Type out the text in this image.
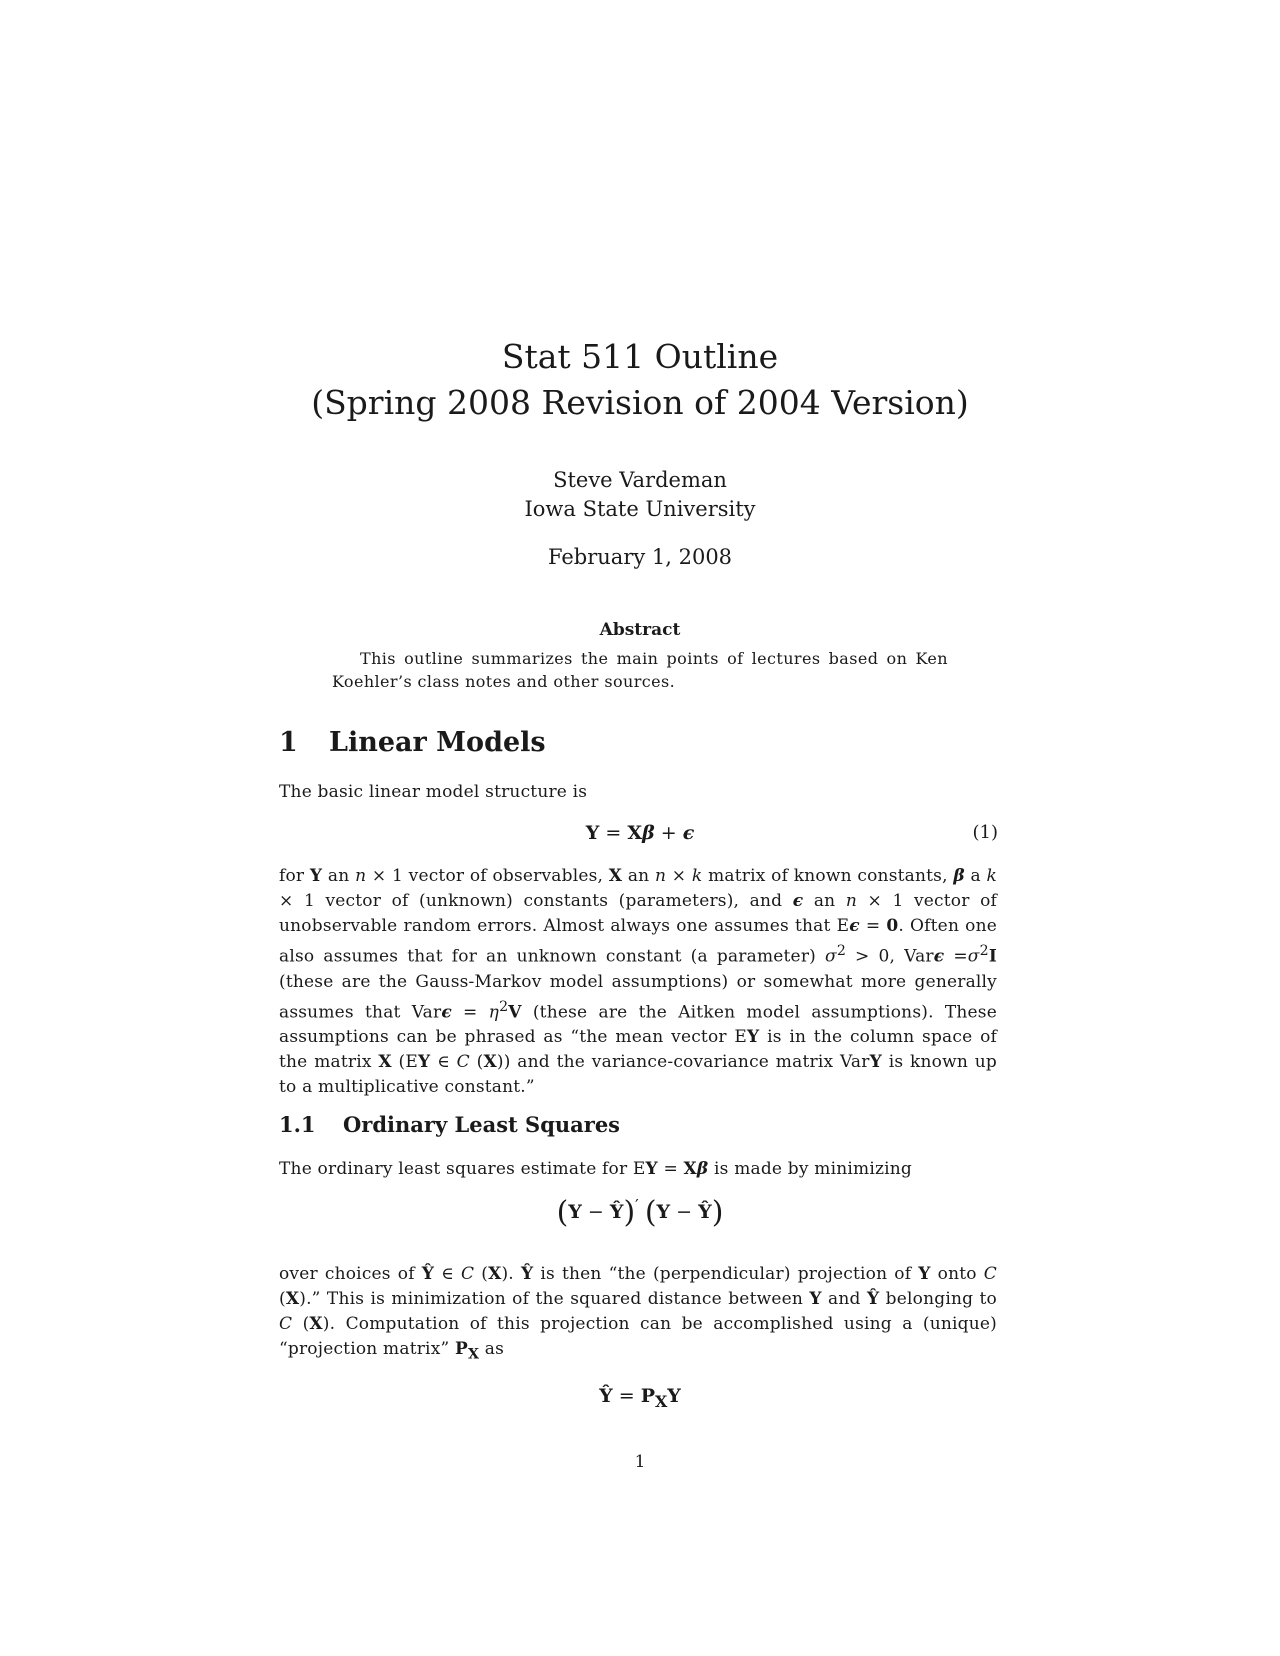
Stat 511 Outline
(Spring 2008 Revision of 2004 Version)
Steve Vardeman
Iowa State University
February 1, 2008
Abstract

This outline summarizes the main points of lectures based on Ken Koehler’s class notes and other sources.

1 Linear Models

The basic linear model structure is

Y = Xβ + ϵ	(1)

for Y an n × 1 vector of observables, X an n × k matrix of known constants, β a k × 1 vector of (unknown) constants (parameters), and ϵ an n × 1 vector of unobservable random errors. Almost always one assumes that Eϵ = 0. Often one also assumes that for an unknown constant (a parameter) $\sigma^2 > 0$, $Var\epsilon =\sigma^2I$ (these are the Gauss-Markov model assumptions) or somewhat more generally assumes that $Var\epsilon = \eta^2V$ (these are the Aitken model assumptions). These assumptions can be phrased as “the mean vector EY is in the column space of the matrix X (EY ∈ C (X)) and the variance-covariance matrix VarY is known up to a multiplicative constant.”

1.1 Ordinary Least Squares

The ordinary least squares estimate for EY = Xβ is made by minimizing

(Y − Ŷ)′ (Y − Ŷ)

over choices of Ŷ ∈ C (X). Ŷ is then “the (perpendicular) projection of Y onto C (X).” This is minimization of the squared distance between Y and Ŷ belonging to C (X). Computation of this projection can be accomplished using a (unique) “projection matrix” $P_X$ as

Ŷ = $P_XY$
1
